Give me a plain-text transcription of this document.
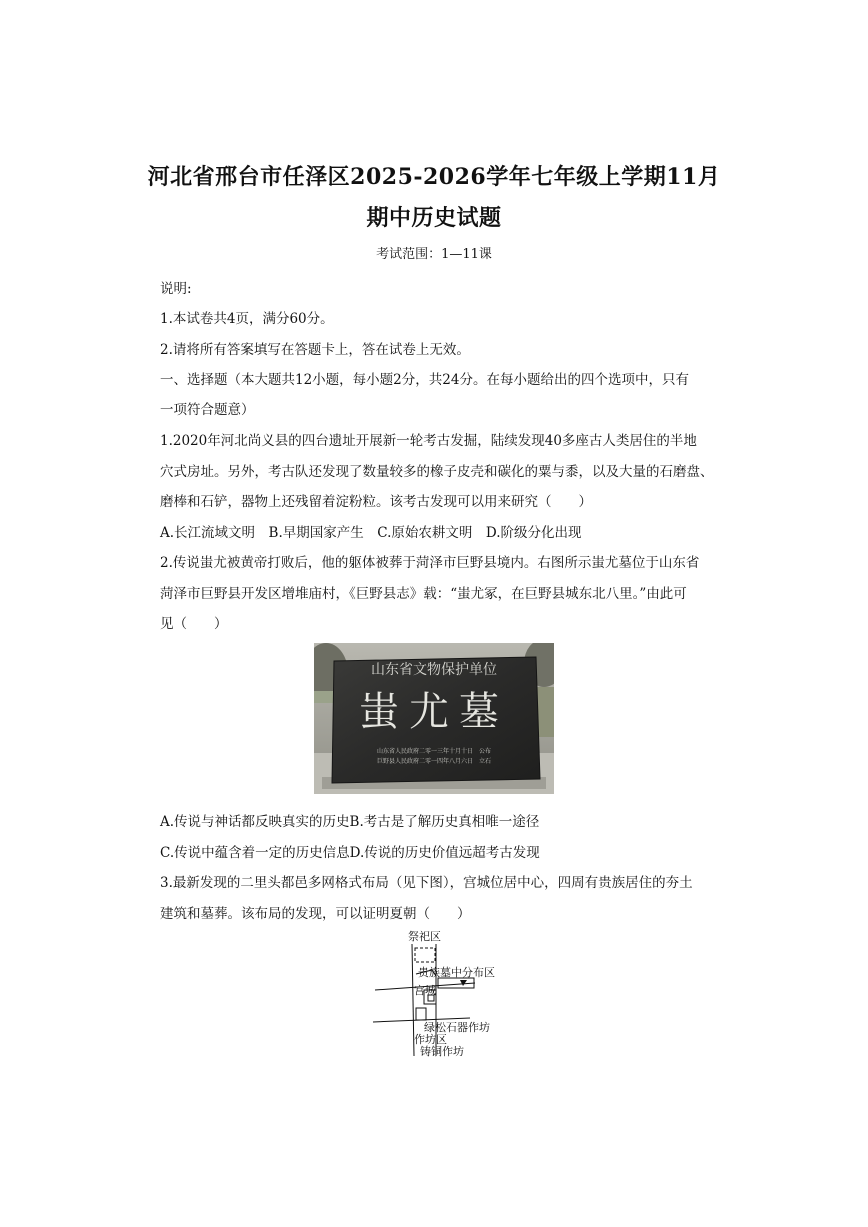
河北省邢台市任泽区2025-2026学年七年级上学期11月
期中历史试题
考试范围：1—11课
说明:
1.本试卷共4页，满分60分。
2.请将所有答案填写在答题卡上，答在试卷上无效。
一、选择题（本大题共12小题，每小题2分，共24分。在每小题给出的四个选项中，只有
一项符合题意）
1.2020年河北尚义县的四台遗址开展新一轮考古发掘，陆续发现40多座古人类居住的半地
穴式房址。另外，考古队还发现了数量较多的橡子皮壳和碳化的粟与黍，以及大量的石磨盘、
磨棒和石铲，器物上还残留着淀粉粒。该考古发现可以用来研究（　　）
A.长江流域文明　B.早期国家产生　C.原始农耕文明　D.阶级分化出现
2.传说蚩尤被黄帝打败后，他的躯体被葬于菏泽市巨野县境内。右图所示蚩尤墓位于山东省
菏泽市巨野县开发区增堆庙村，《巨野县志》载：“蚩尤冢，在巨野县城东北八里。”由此可
见（　　）
山东省文物保护单位
蚩尤墓
山东省人民政府二零一三年十月十日　公布
巨野县人民政府二零一四年八月六日　立石
A.传说与神话都反映真实的历史B.考古是了解历史真相唯一途径
C.传说中蕴含着一定的历史信息D.传说的历史价值远超考古发现
3.最新发现的二里头都邑多网格式布局（见下图），宫城位居中心，四周有贵族居住的夯土
建筑和墓葬。该布局的发现，可以证明夏朝（　　）
祭祀区
贵族墓中分布区
宫城
绿松石器作坊
作坊区
铸铜作坊
